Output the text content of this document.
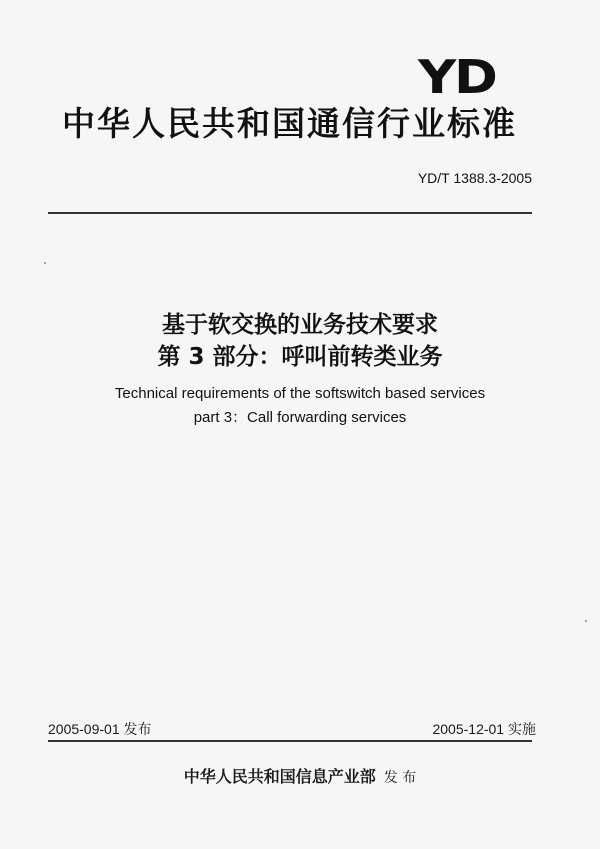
YD
中华人民共和国通信行业标准
YD/T 1388.3-2005
基于软交换的业务技术要求
第 3 部分：呼叫前转类业务
Technical requirements of the softswitch based services
part 3：Call forwarding services
2005-09-01 发布	2005-12-01 实施
中华人民共和国信息产业部 发 布
